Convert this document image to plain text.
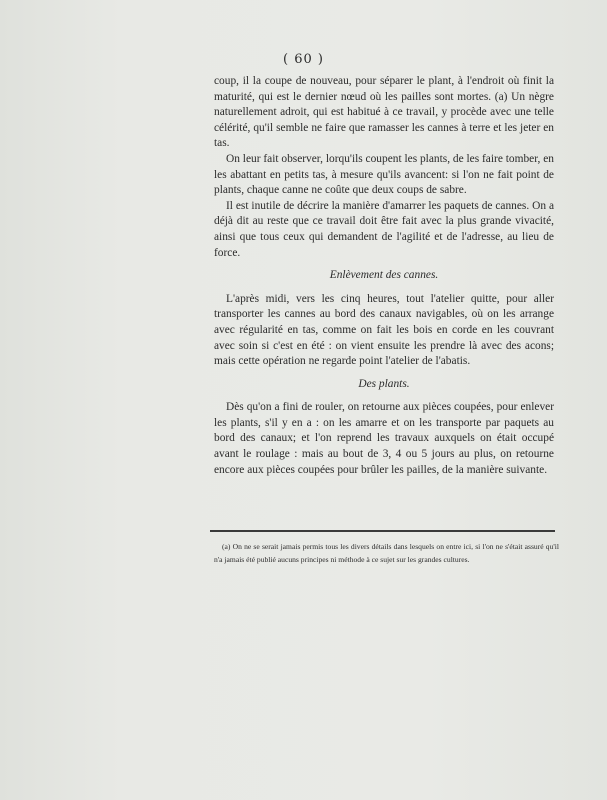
( 60 )

coup, il la coupe de nouveau, pour séparer le plant, à l'endroit où finit la maturité, qui est le dernier nœud où les pailles sont mortes. (a) Un nègre naturellement adroit, qui est habitué à ce travail, y procède avec une telle célérité, qu'il semble ne faire que ramasser les cannes à terre et les jeter en tas.

On leur fait observer, lorqu'ils coupent les plants, de les faire tomber, en les abattant en petits tas, à mesure qu'ils avancent: si l'on ne fait point de plants, chaque canne ne coûte que deux coups de sabre.

Il est inutile de décrire la manière d'amarrer les paquets de cannes. On a déjà dit au reste que ce travail doit être fait avec la plus grande vivacité, ainsi que tous ceux qui demandent de l'agilité et de l'adresse, au lieu de force.

Enlèvement des cannes.

L'après midi, vers les cinq heures, tout l'atelier quitte, pour aller transporter les cannes au bord des canaux navigables, où on les arrange avec régularité en tas, comme on fait les bois en corde en les couvrant avec soin si c'est en été : on vient ensuite les prendre là avec des acons; mais cette opération ne regarde point l'atelier de l'abatis.

Des plants.

Dès qu'on a fini de rouler, on retourne aux pièces coupées, pour enlever les plants, s'il y en a : on les amarre et on les transporte par paquets au bord des canaux; et l'on reprend les travaux auxquels on était occupé avant le roulage : mais au bout de 3, 4 ou 5 jours au plus, on retourne encore aux pièces coupées pour brûler les pailles, de la manière suivante.

(a) On ne se serait jamais permis tous les divers détails dans lesquels on entre ici, si l'on ne s'était assuré qu'il n'a jamais été publié aucuns principes ni méthode à ce sujet sur les grandes cultures.
